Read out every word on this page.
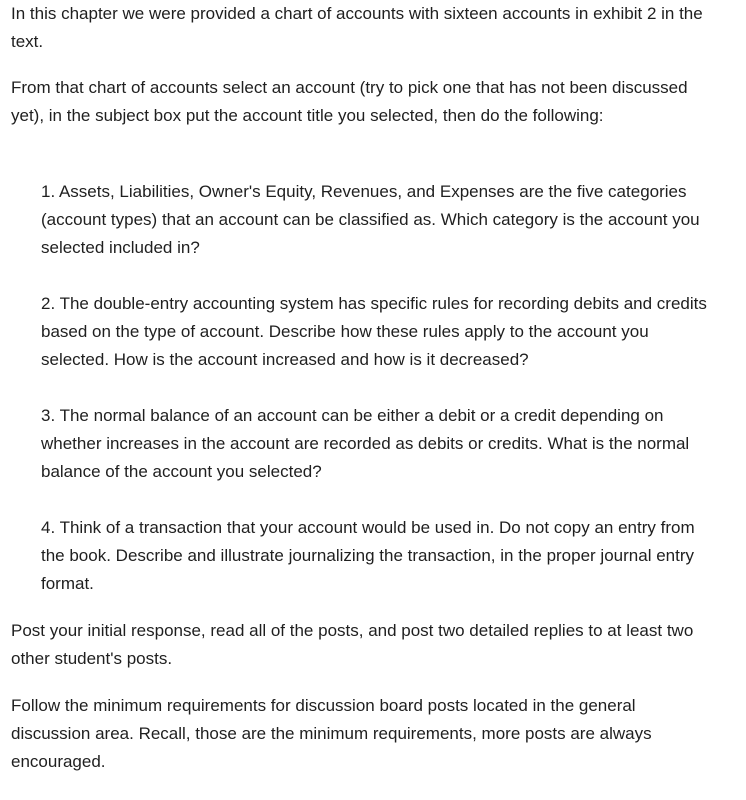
In this chapter we were provided a chart of accounts with sixteen accounts in exhibit 2 in the text.

From that chart of accounts select an account (try to pick one that has not been discussed yet), in the subject box put the account title you selected, then do the following:

1. Assets, Liabilities, Owner's Equity, Revenues, and Expenses are the five categories (account types) that an account can be classified as. Which category is the account you selected included in?

2. The double-entry accounting system has specific rules for recording debits and credits based on the type of account. Describe how these rules apply to the account you selected. How is the account increased and how is it decreased?

3. The normal balance of an account can be either a debit or a credit depending on whether increases in the account are recorded as debits or credits. What is the normal balance of the account you selected?

4. Think of a transaction that your account would be used in. Do not copy an entry from the book. Describe and illustrate journalizing the transaction, in the proper journal entry format.

Post your initial response, read all of the posts, and post two detailed replies to at least two other student's posts.

Follow the minimum requirements for discussion board posts located in the general discussion area. Recall, those are the minimum requirements, more posts are always encouraged.
